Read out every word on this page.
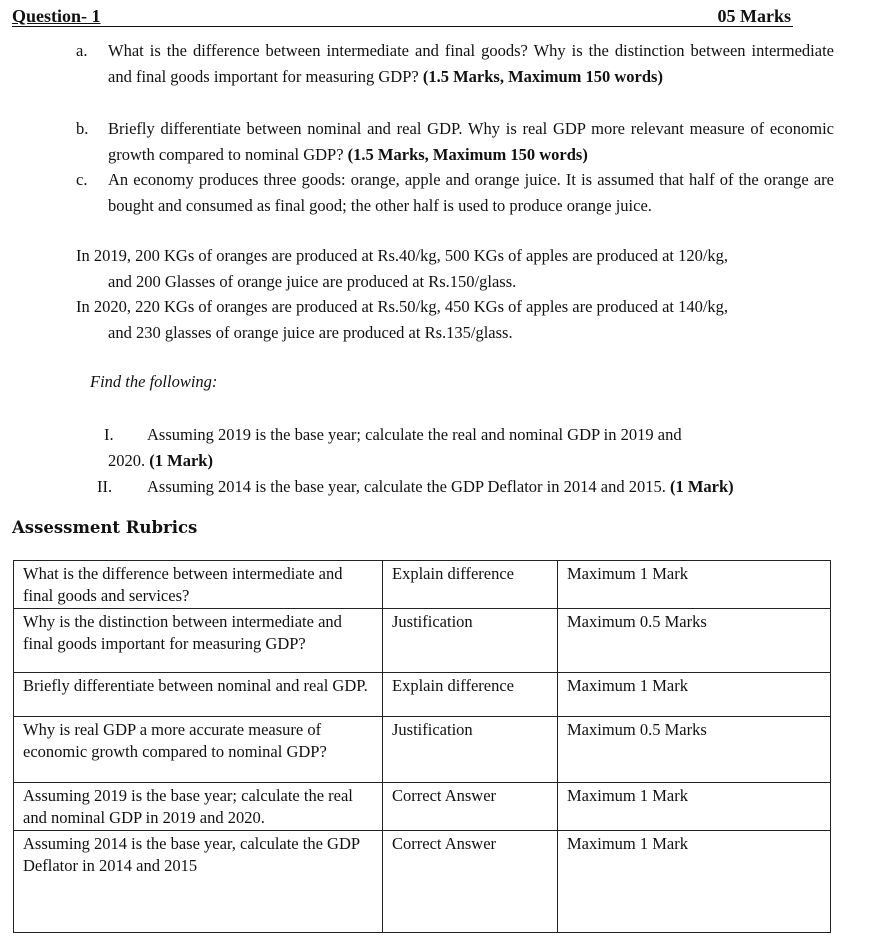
Question- 1	05 Marks
a. What is the difference between intermediate and final goods? Why is the distinction between intermediate and final goods important for measuring GDP? (1.5 Marks, Maximum 150 words)
b. Briefly differentiate between nominal and real GDP. Why is real GDP more relevant measure of economic growth compared to nominal GDP? (1.5 Marks, Maximum 150 words)
c. An economy produces three goods: orange, apple and orange juice. It is assumed that half of the orange are bought and consumed as final good; the other half is used to produce orange juice.
In 2019, 200 KGs of oranges are produced at Rs.40/kg, 500 KGs of apples are produced at 120/kg,
and 200 Glasses of orange juice are produced at Rs.150/glass.
In 2020, 220 KGs of oranges are produced at Rs.50/kg, 450 KGs of apples are produced at 140/kg,
and 230 glasses of orange juice are produced at Rs.135/glass.
Find the following:
I. Assuming 2019 is the base year; calculate the real and nominal GDP in 2019 and
2020. (1 Mark)
II. Assuming 2014 is the base year, calculate the GDP Deflator in 2014 and 2015. (1 Mark)
Assessment Rubrics
What is the difference between intermediate and final goods and services?	Explain difference	Maximum 1 Mark
Why is the distinction between intermediate and final goods important for measuring GDP?	Justification	Maximum 0.5 Marks
Briefly differentiate between nominal and real GDP.	Explain difference	Maximum 1 Mark
Why is real GDP a more accurate measure of economic growth compared to nominal GDP?	Justification	Maximum 0.5 Marks
Assuming 2019 is the base year; calculate the real and nominal GDP in 2019 and 2020.	Correct Answer	Maximum 1 Mark
Assuming 2014 is the base year, calculate the GDP Deflator in 2014 and 2015	Correct Answer	Maximum 1 Mark
